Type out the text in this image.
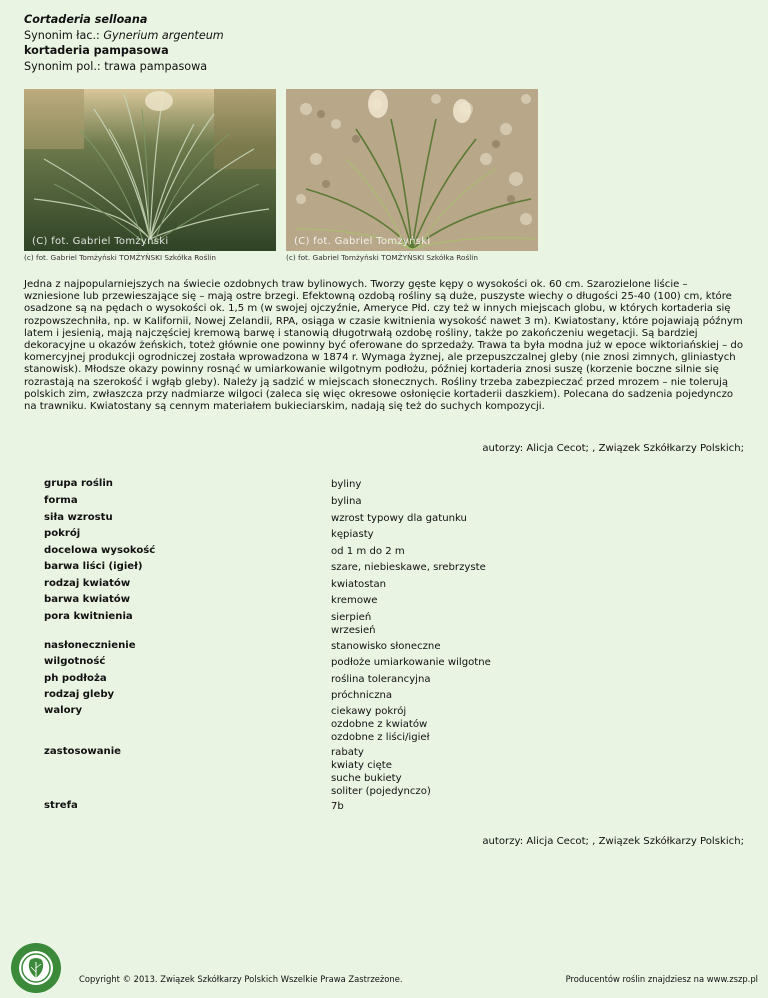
Cortaderia selloana
Synonim łac.: Gynerium argenteum
kortaderia pampasowa
Synonim pol.: trawa pampasowa
(C) fot. Gabriel Tomżyński
(c) fot. Gabriel Tomżyński TOMŻYŃSKI Szkółka Roślin
(C) fot. Gabriel Tomżyński
(c) fot. Gabriel Tomżyński TOMŻYŃSKI Szkółka Roślin

Jedna z najpopularniejszych na świecie ozdobnych traw bylinowych. Tworzy gęste kępy o wysokości ok. 60 cm. Szarozielone liście – wzniesione lub przewieszające się – mają ostre brzegi. Efektowną ozdobą rośliny są duże, puszyste wiechy o długości 25-40 (100) cm, które osadzone są na pędach o wysokości ok. 1,5 m (w swojej ojczyźnie, Ameryce Płd. czy też w innych miejscach globu, w których kortaderia się rozpowszechniła, np. w Kalifornii, Nowej Zelandii, RPA, osiąga w czasie kwitnienia wysokość nawet 3 m). Kwiatostany, które pojawiają późnym latem i jesienią, mają najczęściej kremową barwę i stanowią długotrwałą ozdobę rośliny, także po zakończeniu wegetacji. Są bardziej dekoracyjne u okazów żeńskich, toteż głównie one powinny być oferowane do sprzedaży. Trawa ta była modna już w epoce wiktoriańskiej – do komercyjnej produkcji ogrodniczej została wprowadzona w 1874 r. Wymaga żyznej, ale przepuszczalnej gleby (nie znosi zimnych, gliniastych stanowisk). Młodsze okazy powinny rosnąć w umiarkowanie wilgotnym podłożu, później kortaderia znosi suszę (korzenie boczne silnie się rozrastają na szerokość i wgłąb gleby). Należy ją sadzić w miejscach słonecznych. Rośliny trzeba zabezpieczać przed mrozem – nie tolerują polskich zim, zwłaszcza przy nadmiarze wilgoci (zaleca się więc okresowe osłonięcie kortaderii daszkiem). Polecana do sadzenia pojedynczo na trawniku. Kwiatostany są cennym materiałem bukieciarskim, nadają się też do suchych kompozycji.

autorzy: Alicja Cecot; , Związek Szkółkarzy Polskich;
grupa roślin	byliny
forma	bylina
siła wzrostu	wzrost typowy dla gatunku
pokrój	kępiasty
docelowa wysokość	od 1 m do 2 m
barwa liści (igieł)	szare, niebieskawe, srebrzyste
rodzaj kwiatów	kwiatostan
barwa kwiatów	kremowe
pora kwitnienia	sierpień
wrzesień
nasłonecznienie	stanowisko słoneczne
wilgotność	podłoże umiarkowanie wilgotne
ph podłoża	roślina tolerancyjna
rodzaj gleby	próchniczna
walory	ciekawy pokrój
ozdobne z kwiatów
ozdobne z liści/igieł
zastosowanie	rabaty
kwiaty cięte
suche bukiety
soliter (pojedynczo)
strefa	7b
autorzy: Alicja Cecot; , Związek Szkółkarzy Polskich;
Copyright © 2013. Związek Szkółkarzy Polskich Wszelkie Prawa Zastrzeżone.	Producentów roślin znajdziesz na www.zszp.pl
